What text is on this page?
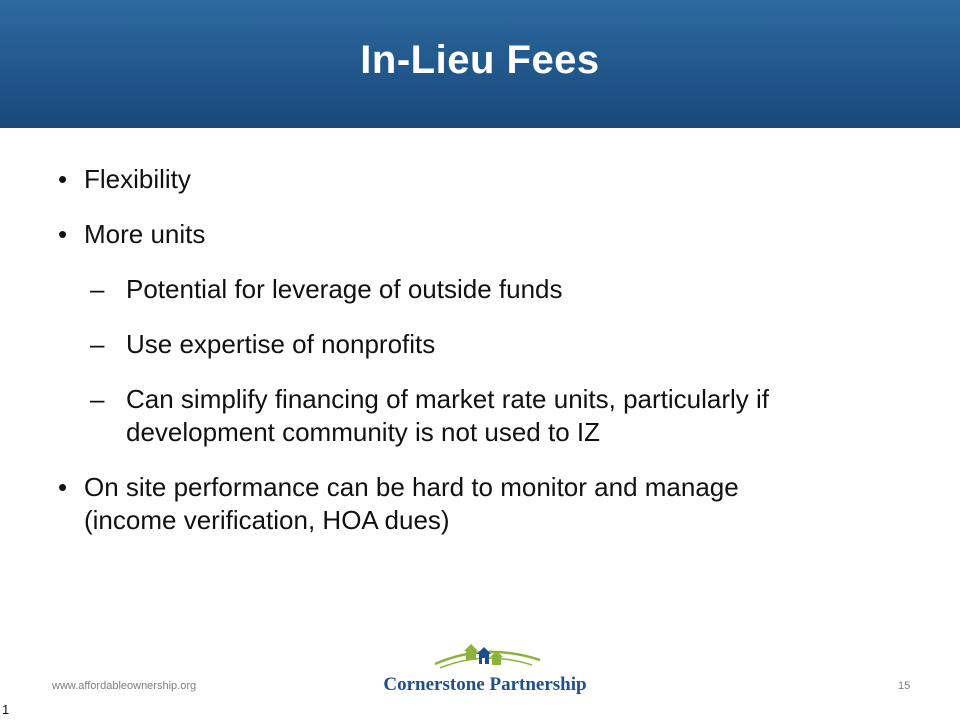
In-Lieu Fees
• Flexibility
• More units
– Potential for leverage of outside funds
– Use expertise of nonprofits
– Can simplify financing of market rate units, particularly if development community is not used to IZ
• On site performance can be hard to monitor and manage (income verification, HOA dues)
www.affordableownership.org	Cornerstone Partnership	15
1
